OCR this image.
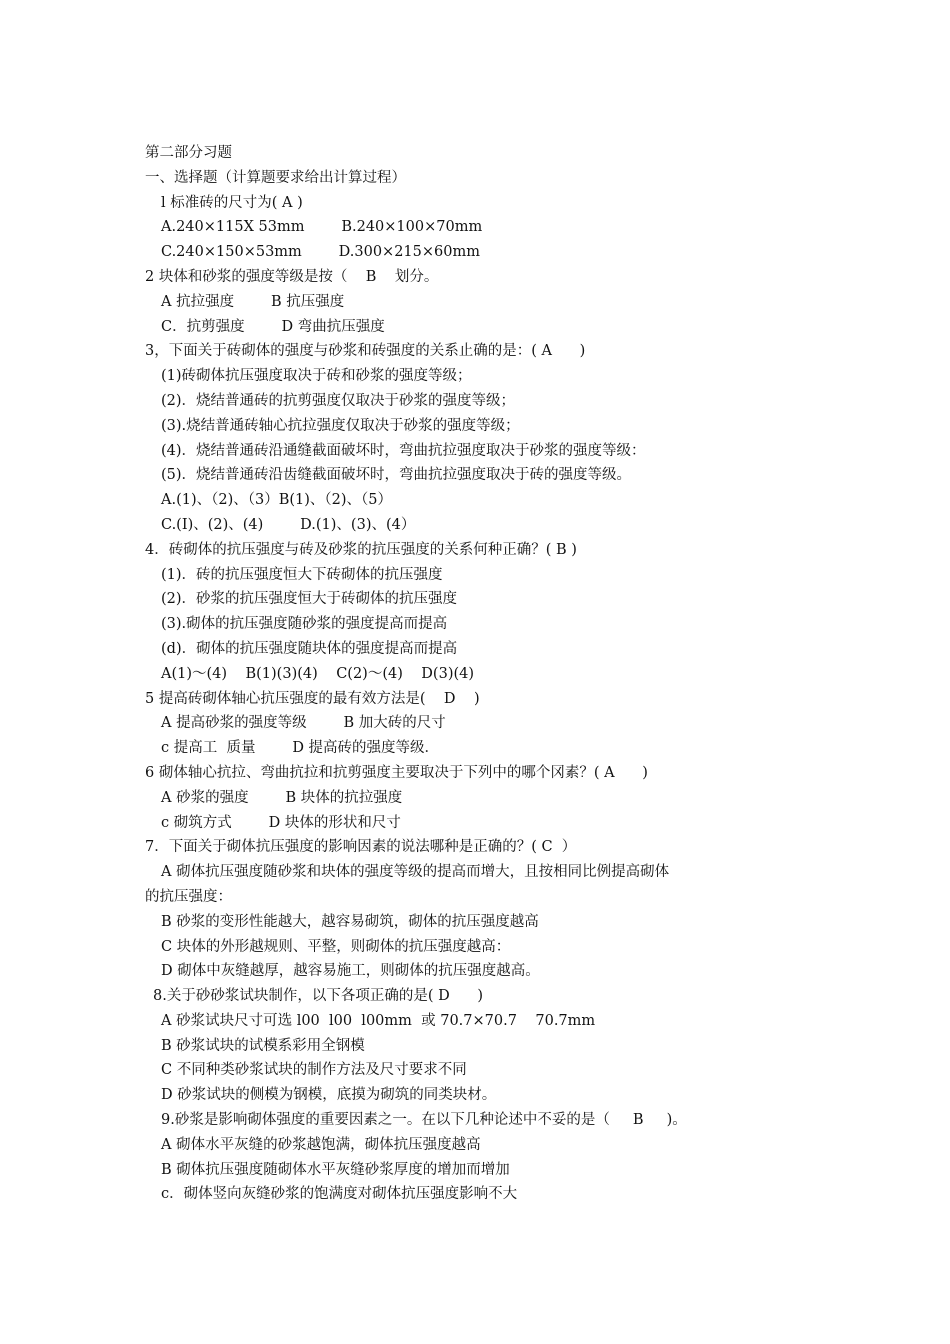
第二部分习题
一、选择题（计算题要求给出计算过程）
l 标准砖的尺寸为( A )
A.240×115X 53mm        B.240×100×70mm
C.240×150×53mm        D.300×215×60mm
2 块体和砂浆的强度等级是按（    B    划分。
A 抗拉强度        B 抗压强度
C．抗剪强度        D 弯曲抗压强度
3，下面关于砖砌体的强度与砂浆和砖强度的关系止确的是：( A      )
(1)砖砌体抗压强度取决于砖和砂浆的强度等级；
(2)．烧结普通砖的抗剪强度仅取决于砂浆的强度等级；
(3).烧结普通砖轴心抗拉强度仅取决于砂浆的强度等级；
(4)．烧结普通砖沿通缝截面破坏时，弯曲抗拉强度取决于砂浆的强度等级：
(5)．烧结普通砖沿齿缝截面破坏时，弯曲抗拉强度取决于砖的强度等级。
A.(1)、（2)、（3）B(1)、（2)、（5）
C.(I)、(2)、(4)        D.(1)、(3)、(4）
4．砖砌体的抗压强度与砖及砂浆的抗压强度的关系何种正确？( B )
(1)．砖的抗压强度恒大下砖砌体的抗压强度
(2)．砂浆的抗压强度恒大于砖砌体的抗压强度
(3).砌体的抗压强度随砂浆的强度提高而提高
(d)．砌体的抗压强度随块体的强度提高而提高
A(1)～(4)    B(1)(3)(4)    C(2)～(4)    D(3)(4)
5 提高砖砌体轴心抗压强度的最有效方法是(    D    )
A 提高砂浆的强度等级        B 加大砖的尺寸
c 提高工  质量        D 提高砖的强度等级．
6 砌体轴心抗拉、弯曲抗拉和抗剪强度主要取决于下列中的哪个冈素？( A      )
A 砂浆的强度        B 块体的抗拉强度
c 砌筑方式        D 块体的形状和尺寸
7．下面关于砌体抗压强度的影响因素的说法哪种是正确的？( C  ）
A 砌体抗压强度随砂浆和块体的强度等级的提高而增大，且按相同比例提高砌体
的抗压强度：
B 砂浆的变形性能越大，越容易砌筑，砌体的抗压强度越高
C 块体的外形越规则、平整，则砌体的抗压强度越高：
D 砌体中灰缝越厚，越容易施工，则砌体的抗压强度越高。
8.关于砂砂浆试块制作，以下各项正确的是( D      )
A 砂浆试块尺寸可选 l00  l00  l00mm  或 70.7×70.7    70.7mm
B 砂浆试块的试模系彩用全钢模
C 不同种类砂浆试块的制作方法及尺寸要求不同
D 砂浆试块的侧模为钢模，底摸为砌筑的同类块材。
9.砂浆是影响砌体强度的重要因素之一。在以下几种论述中不妥的是（     B     )。
A 砌体水平灰缝的砂浆越饱满，砌体抗压强度越高
B 砌体抗压强度随砌体水平灰缝砂浆厚度的增加而增加
c．砌体竖向灰缝砂浆的饱满度对砌体抗压强度影响不大
